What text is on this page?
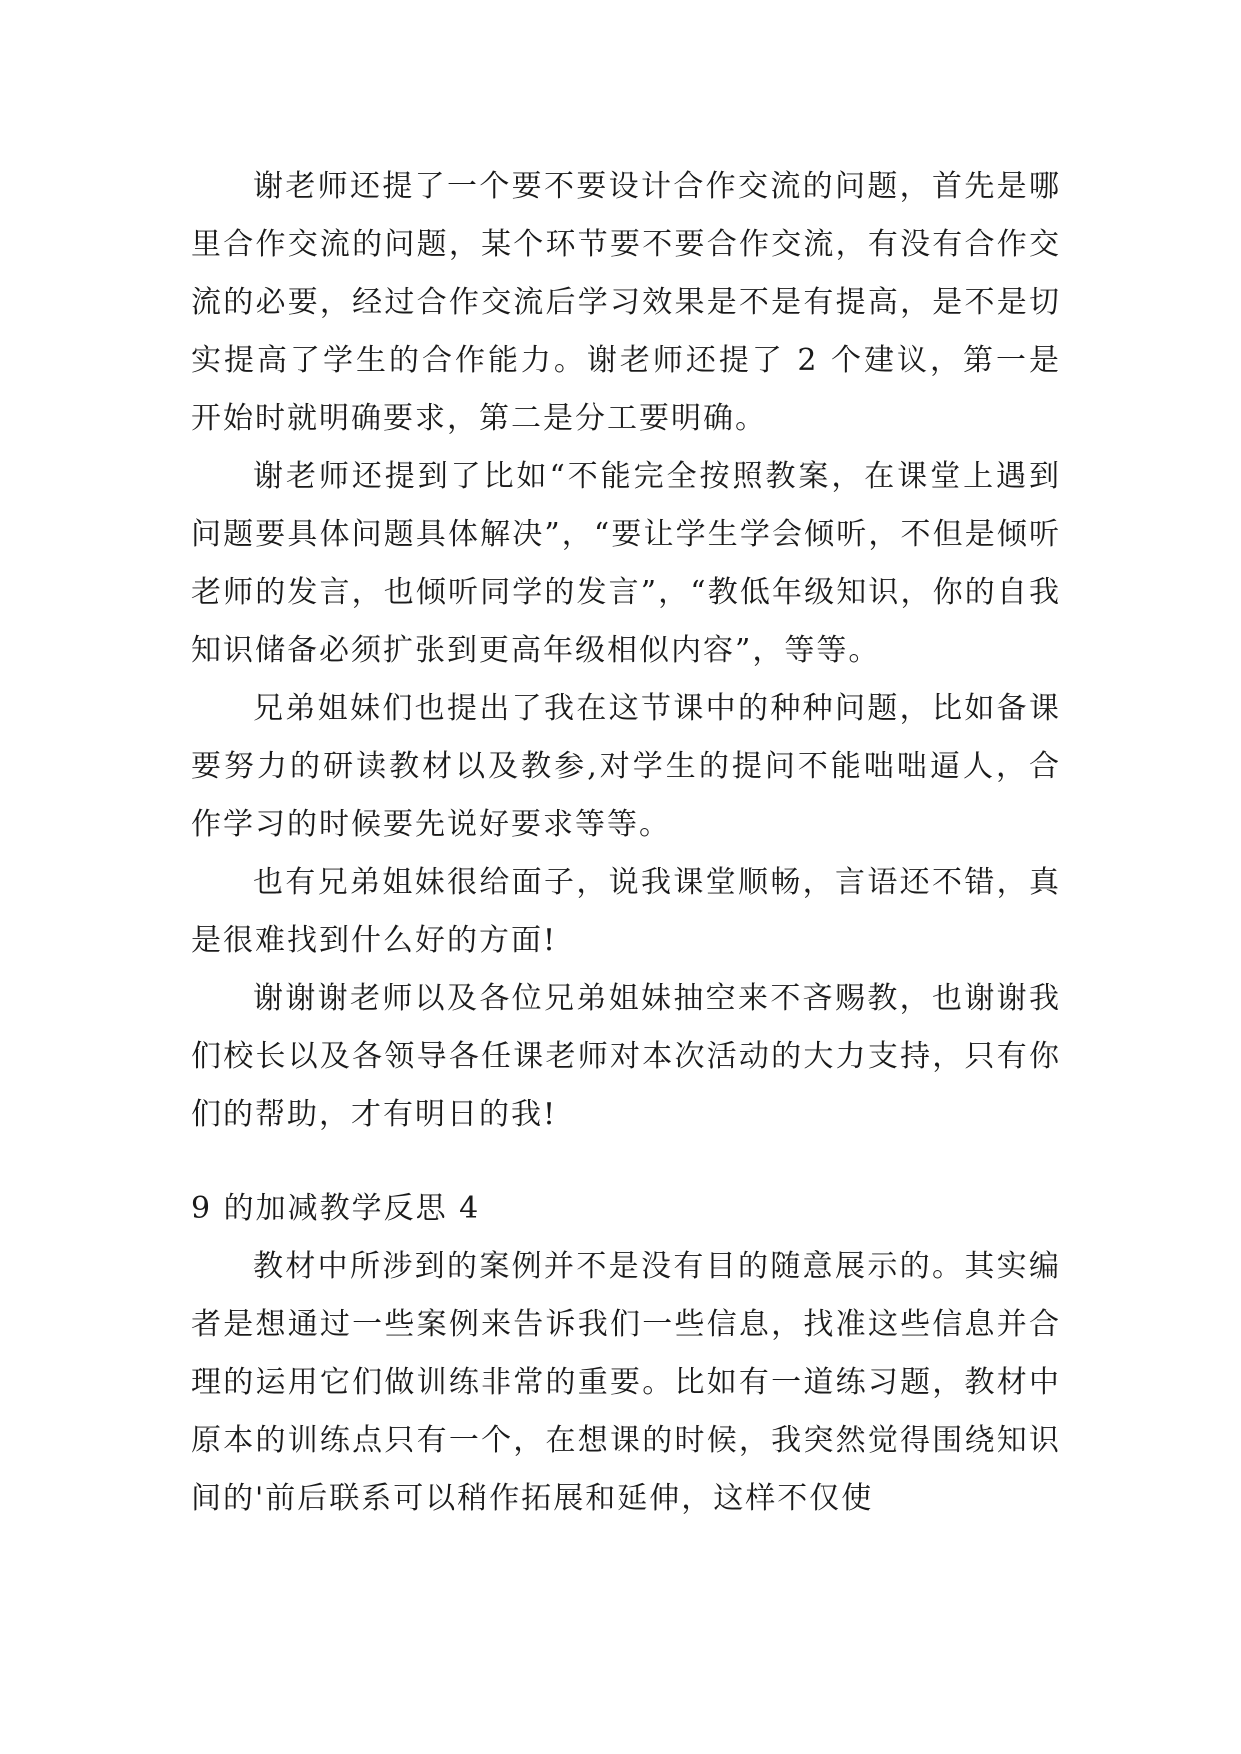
谢老师还提了一个要不要设计合作交流的问题，首先是哪里合作交流的问题，某个环节要不要合作交流，有没有合作交流的必要，经过合作交流后学习效果是不是有提高，是不是切实提高了学生的合作能力。谢老师还提了 2 个建议，第一是开始时就明确要求，第二是分工要明确。

谢老师还提到了比如“不能完全按照教案，在课堂上遇到问题要具体问题具体解决”，“要让学生学会倾听，不但是倾听老师的发言，也倾听同学的发言”，“教低年级知识，你的自我知识储备必须扩张到更高年级相似内容”，等等。

兄弟姐妹们也提出了我在这节课中的种种问题，比如备课要努力的研读教材以及教参,对学生的提问不能咄咄逼人，合作学习的时候要先说好要求等等。

也有兄弟姐妹很给面子，说我课堂顺畅，言语还不错，真是很难找到什么好的方面!

谢谢谢老师以及各位兄弟姐妹抽空来不吝赐教，也谢谢我们校长以及各领导各任课老师对本次活动的大力支持，只有你们的帮助，才有明日的我!

9 的加减教学反思 4

教材中所涉到的案例并不是没有目的随意展示的。其实编者是想通过一些案例来告诉我们一些信息，找准这些信息并合理的运用它们做训练非常的重要。比如有一道练习题，教材中原本的训练点只有一个，在想课的时候，我突然觉得围绕知识间的'前后联系可以稍作拓展和延伸，这样不仅使
